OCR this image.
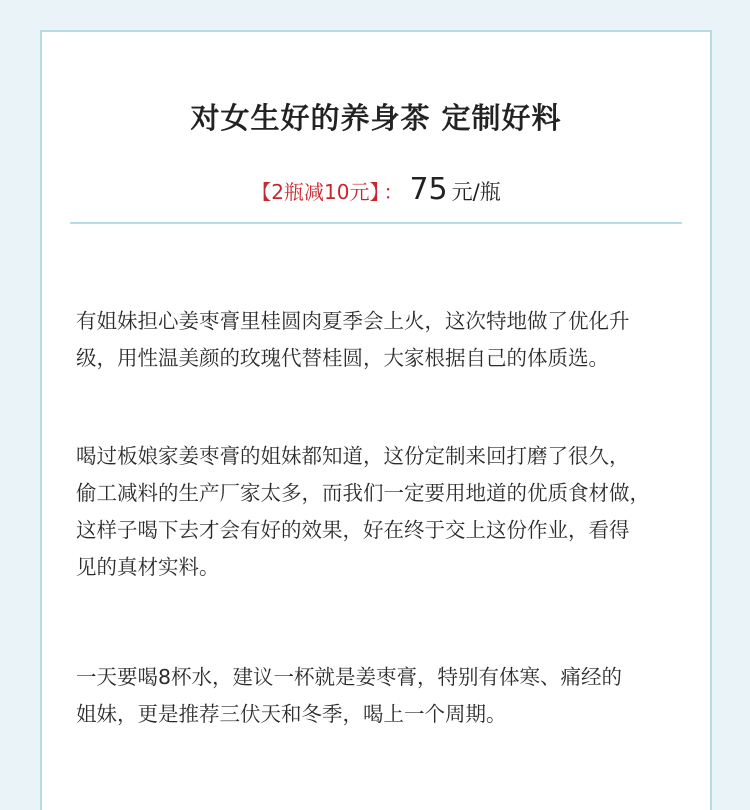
对女生好的养身茶 定制好料
【2瓶减10元】 ： 75 元/瓶

有姐妹担心姜枣膏里桂圆肉夏季会上火，这次特地做了优化升
级，用性温美颜的玫瑰代替桂圆，大家根据自己的体质选。

喝过板娘家姜枣膏的姐妹都知道，这份定制来回打磨了很久，
偷工减料的生产厂家太多，而我们一定要用地道的优质食材做，
这样子喝下去才会有好的效果，好在终于交上这份作业，看得
见的真材实料。

一天要喝8杯水，建议一杯就是姜枣膏，特别有体寒、痛经的
姐妹，更是推荐三伏天和冬季，喝上一个周期。
